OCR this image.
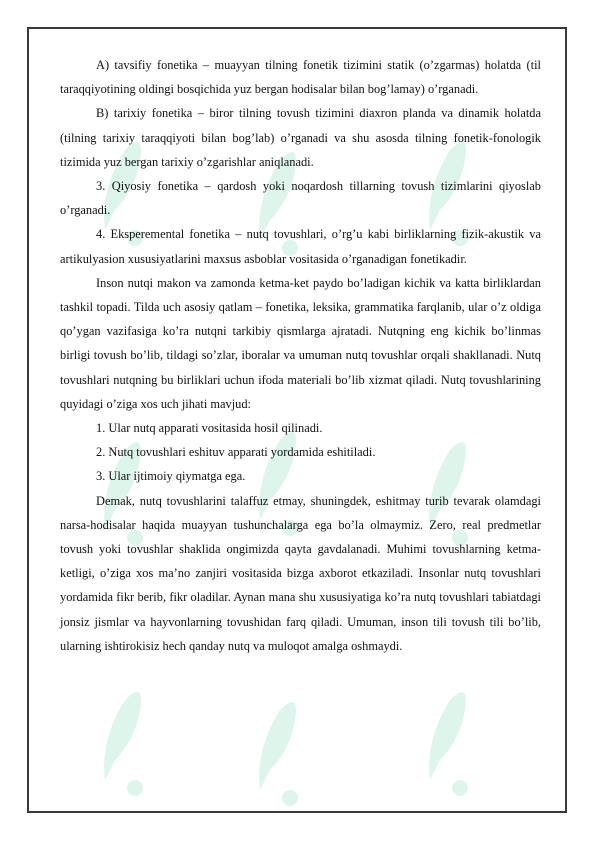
A) tavsifiy fonetika – muayyan tilning fonetik tizimini statik (o’zgarmas) holatda (til taraqqiyotining oldingi bosqichida yuz bergan hodisalar bilan bog’lamay) o’rganadi.

B) tarixiy fonetika – biror tilning tovush tizimini diaxron planda va dinamik holatda (tilning tarixiy taraqqiyoti bilan bog’lab) o’rganadi va shu asosda tilning fonetik-fonologik tizimida yuz bergan tarixiy o’zgarishlar aniqlanadi.

3. Qiyosiy fonetika – qardosh yoki noqardosh tillarning tovush tizimlarini qiyoslab o’rganadi.

4. Eksperemental fonetika – nutq tovushlari, o’rg’u kabi birliklarning fizik-akustik va artikulyasion xususiyatlarini maxsus asboblar vositasida o’rganadigan fonetikadir.

Inson nutqi makon va zamonda ketma-ket paydo bo’ladigan kichik va katta birliklardan tashkil topadi. Tilda uch asosiy qatlam – fonetika, leksika, grammatika farqlanib, ular o’z oldiga qo’ygan vazifasiga ko’ra nutqni tarkibiy qismlarga ajratadi. Nutqning eng kichik bo’linmas birligi tovush bo’lib, tildagi so’zlar, iboralar va umuman nutq tovushlar orqali shakllanadi. Nutq tovushlari nutqning bu birliklari uchun ifoda materiali bo’lib xizmat qiladi. Nutq tovushlarining quyidagi o’ziga xos uch jihati mavjud:

1. Ular nutq apparati vositasida hosil qilinadi.
2. Nutq tovushlari eshituv apparati yordamida eshitiladi.
3. Ular ijtimoiy qiymatga ega.

Demak, nutq tovushlarini talaffuz etmay, shuningdek, eshitmay turib tevarak olamdagi narsa-hodisalar haqida muayyan tushunchalarga ega bo’la olmaymiz. Zero, real predmetlar tovush yoki tovushlar shaklida ongimizda qayta gavdalanadi. Muhimi tovushlarning ketma-ketligi, o’ziga xos ma’no zanjiri vositasida bizga axborot etkaziladi. Insonlar nutq tovushlari yordamida fikr berib, fikr oladilar. Aynan mana shu xususiyatiga ko’ra nutq tovushlari tabiatdagi jonsiz jismlar va hayvonlarning tovushidan farq qiladi. Umuman, inson tili tovush tili bo’lib, ularning ishtirokisiz hech qanday nutq va muloqot amalga oshmaydi.
